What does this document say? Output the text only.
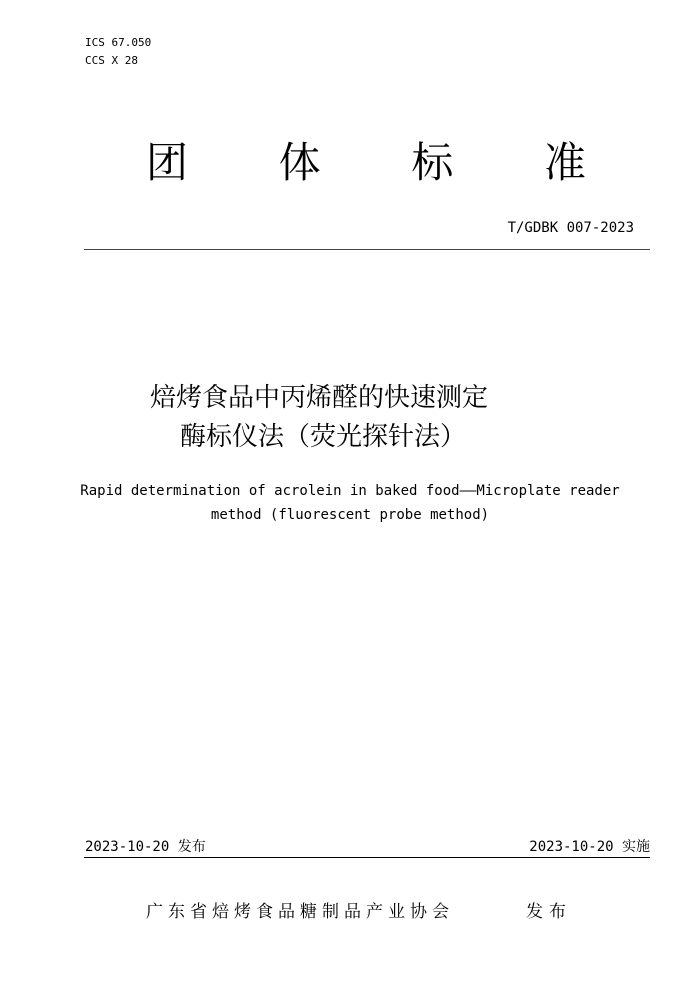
ICS 67.050
CCS X 28
团 体 标 准
T/GDBK 007-2023
焙烤食品中丙烯醛的快速测定
酶标仪法（荧光探针法）
Rapid determination of acrolein in baked food——Microplate reader
method (fluorescent probe method)
2023-10-20 发布	2023-10-20 实施
广东省焙烤食品糖制品产业协会	发布
